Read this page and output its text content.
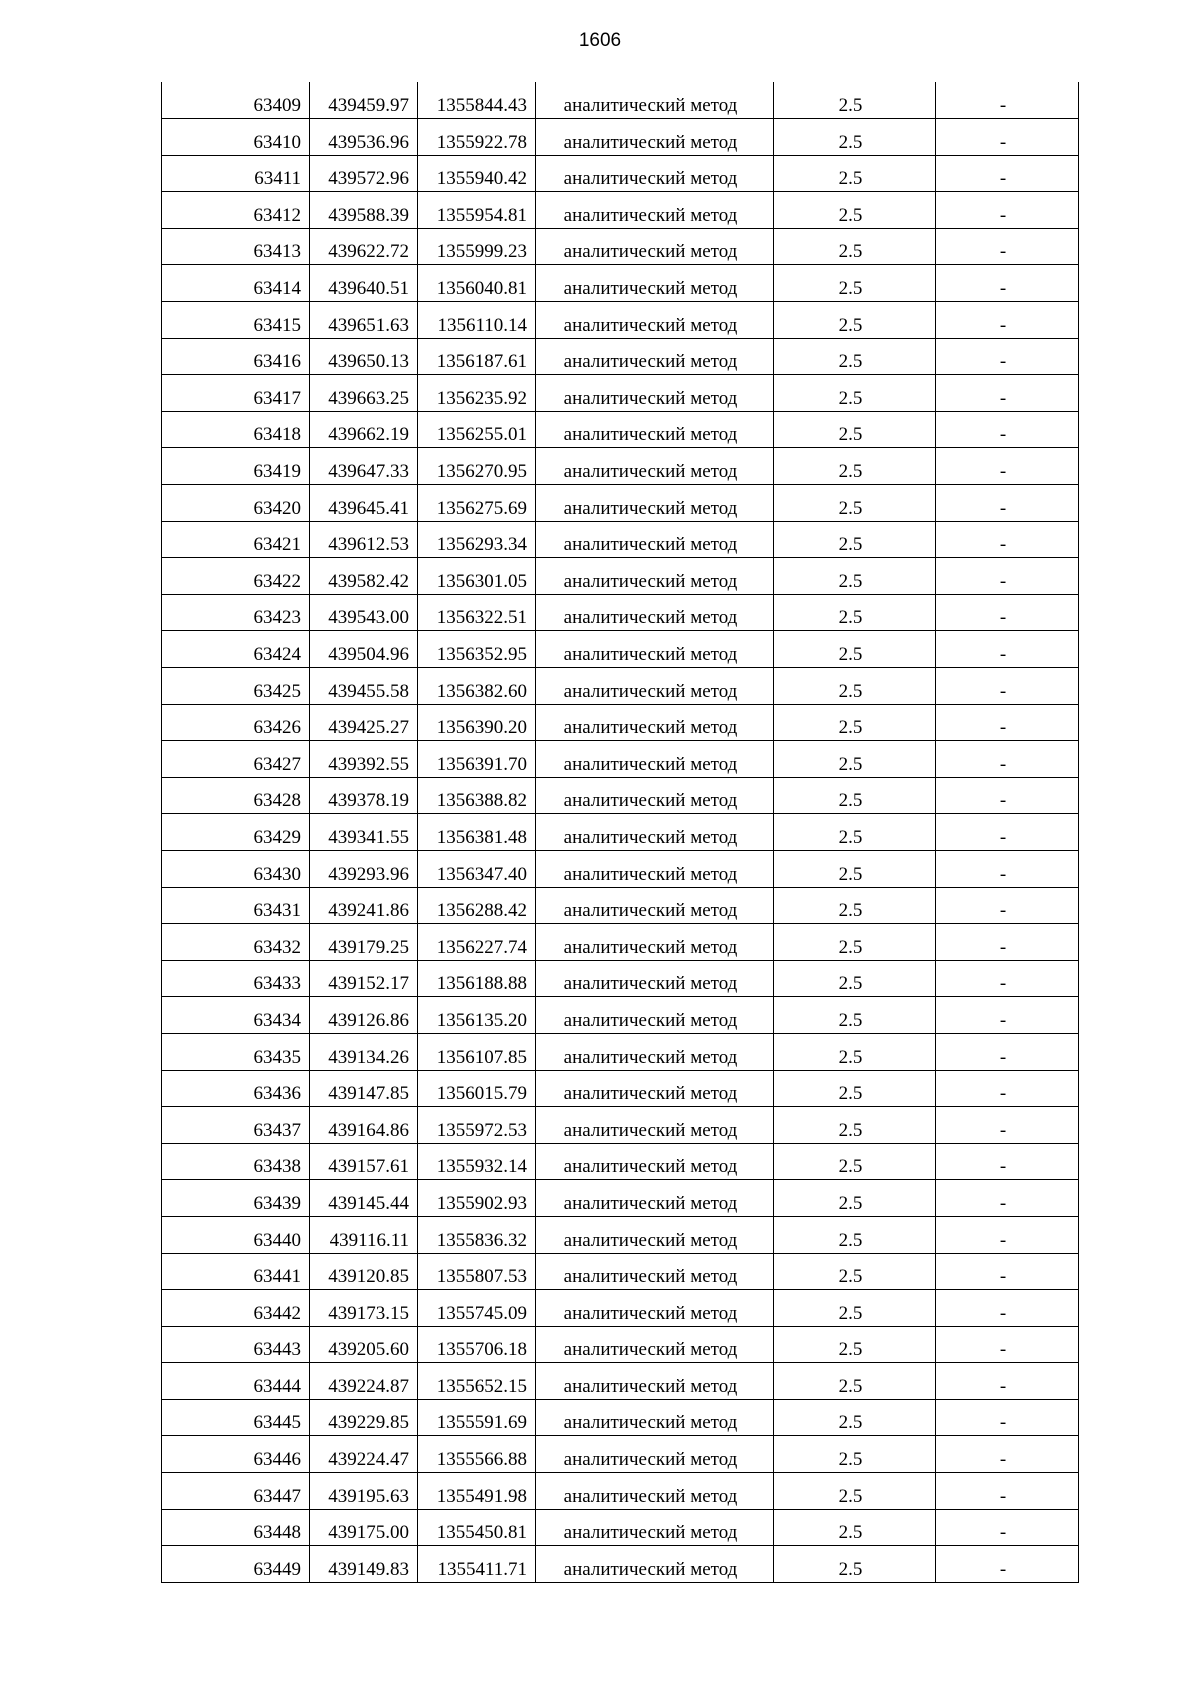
1606
63409	439459.97	1355844.43	аналитический метод	2.5	-
63410	439536.96	1355922.78	аналитический метод	2.5	-
63411	439572.96	1355940.42	аналитический метод	2.5	-
63412	439588.39	1355954.81	аналитический метод	2.5	-
63413	439622.72	1355999.23	аналитический метод	2.5	-
63414	439640.51	1356040.81	аналитический метод	2.5	-
63415	439651.63	1356110.14	аналитический метод	2.5	-
63416	439650.13	1356187.61	аналитический метод	2.5	-
63417	439663.25	1356235.92	аналитический метод	2.5	-
63418	439662.19	1356255.01	аналитический метод	2.5	-
63419	439647.33	1356270.95	аналитический метод	2.5	-
63420	439645.41	1356275.69	аналитический метод	2.5	-
63421	439612.53	1356293.34	аналитический метод	2.5	-
63422	439582.42	1356301.05	аналитический метод	2.5	-
63423	439543.00	1356322.51	аналитический метод	2.5	-
63424	439504.96	1356352.95	аналитический метод	2.5	-
63425	439455.58	1356382.60	аналитический метод	2.5	-
63426	439425.27	1356390.20	аналитический метод	2.5	-
63427	439392.55	1356391.70	аналитический метод	2.5	-
63428	439378.19	1356388.82	аналитический метод	2.5	-
63429	439341.55	1356381.48	аналитический метод	2.5	-
63430	439293.96	1356347.40	аналитический метод	2.5	-
63431	439241.86	1356288.42	аналитический метод	2.5	-
63432	439179.25	1356227.74	аналитический метод	2.5	-
63433	439152.17	1356188.88	аналитический метод	2.5	-
63434	439126.86	1356135.20	аналитический метод	2.5	-
63435	439134.26	1356107.85	аналитический метод	2.5	-
63436	439147.85	1356015.79	аналитический метод	2.5	-
63437	439164.86	1355972.53	аналитический метод	2.5	-
63438	439157.61	1355932.14	аналитический метод	2.5	-
63439	439145.44	1355902.93	аналитический метод	2.5	-
63440	439116.11	1355836.32	аналитический метод	2.5	-
63441	439120.85	1355807.53	аналитический метод	2.5	-
63442	439173.15	1355745.09	аналитический метод	2.5	-
63443	439205.60	1355706.18	аналитический метод	2.5	-
63444	439224.87	1355652.15	аналитический метод	2.5	-
63445	439229.85	1355591.69	аналитический метод	2.5	-
63446	439224.47	1355566.88	аналитический метод	2.5	-
63447	439195.63	1355491.98	аналитический метод	2.5	-
63448	439175.00	1355450.81	аналитический метод	2.5	-
63449	439149.83	1355411.71	аналитический метод	2.5	-
